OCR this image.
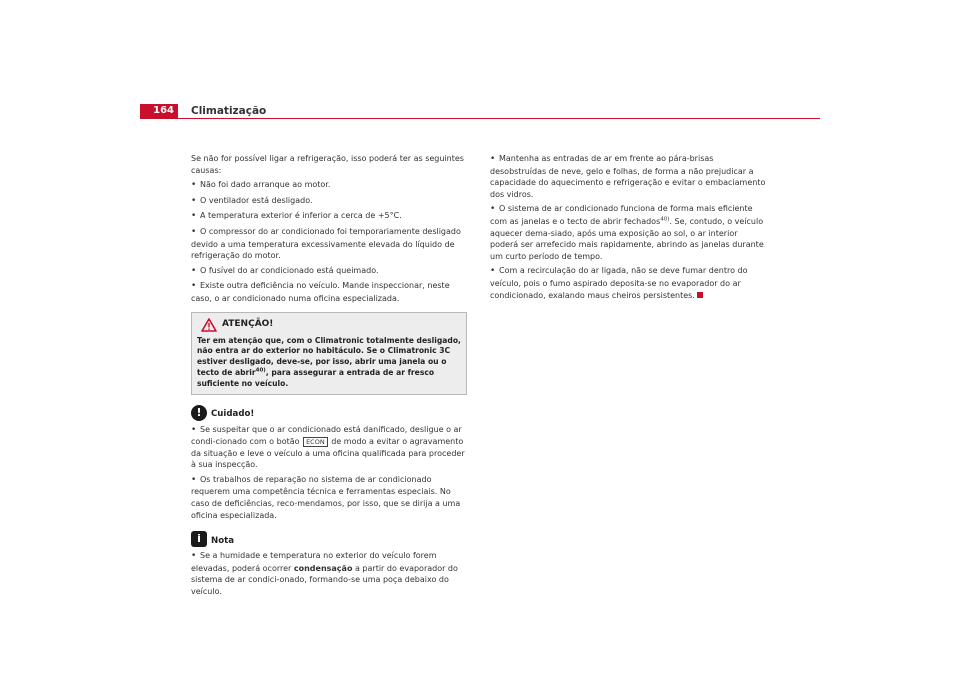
164	Climatização

Se não for possível ligar a refrigeração, isso poderá ter as seguintes causas:

• Não foi dado arranque ao motor.

• O ventilador está desligado.

• A temperatura exterior é inferior a cerca de +5°C.

• O compressor do ar condicionado foi temporariamente desligado devido a uma temperatura excessivamente elevada do líquido de refrigeração do motor.

• O fusível do ar condicionado está queimado.

• Existe outra deficiência no veículo. Mande inspeccionar, neste caso, o ar condicionado numa oficina especializada.

ATENÇÃO!
Ter em atenção que, com o Climatronic totalmente desligado, não entra ar do exterior no habitáculo. Se o Climatronic 3C estiver desligado, deve-se, por isso, abrir uma janela ou o tecto de abrir$^{40)}$, para assegurar a entrada de ar fresco suficiente no veículo.
!	Cuidado!

• Se suspeitar que o ar condicionado está danificado, desligue o ar condi-cionado com o botão ECON de modo a evitar o agravamento da situação e leve o veículo a uma oficina qualificada para proceder à sua inspecção.

• Os trabalhos de reparação no sistema de ar condicionado requerem uma competência técnica e ferramentas especiais. No caso de deficiências, reco-mendamos, por isso, que se dirija a uma oficina especializada.

i	Nota

• Se a humidade e temperatura no exterior do veículo forem elevadas, poderá ocorrer condensação a partir do evaporador do sistema de ar condici-onado, formando-se uma poça debaixo do veículo.

• Mantenha as entradas de ar em frente ao pára-brisas desobstruídas de neve, gelo e folhas, de forma a não prejudicar a capacidade do aquecimento e refrigeração e evitar o embaciamento dos vidros.

• O sistema de ar condicionado funciona de forma mais eficiente com as janelas e o tecto de abrir fechados$^{40)}$. Se, contudo, o veículo aquecer dema-siado, após uma exposição ao sol, o ar interior poderá ser arrefecido mais rapidamente, abrindo as janelas durante um curto período de tempo.

• Com a recirculação do ar ligada, não se deve fumar dentro do veículo, pois o fumo aspirado deposita-se no evaporador do ar condicionado, exalando maus cheiros persistentes.
